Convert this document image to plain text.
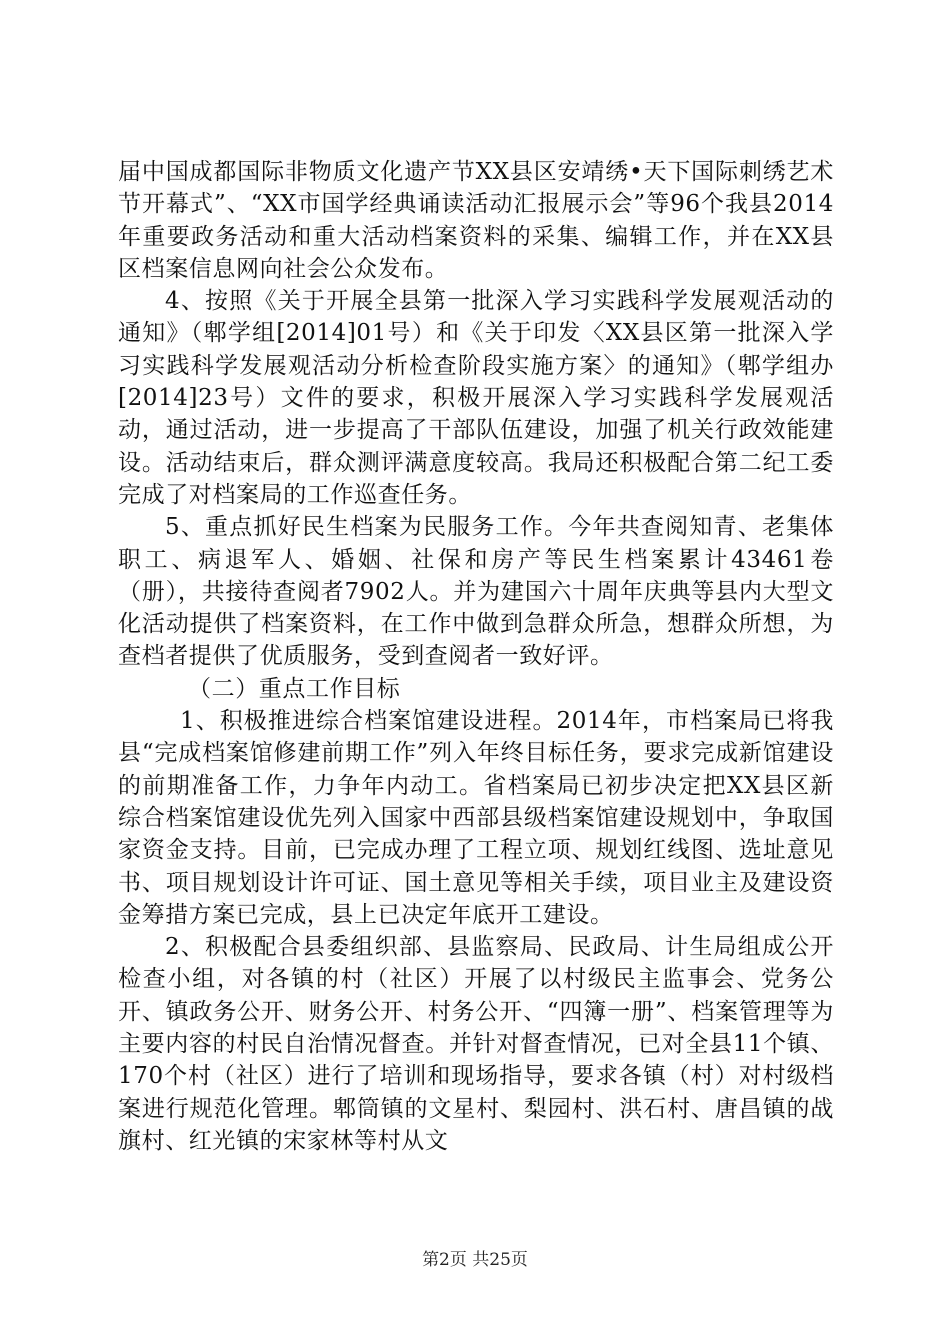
届中国成都国际非物质文化遗产节XX县区安靖绣•天下国际刺绣艺术节开幕式”、“XX市国学经典诵读活动汇报展示会”等96个我县2014年重要政务活动和重大活动档案资料的采集、编辑工作，并在XX县区档案信息网向社会公众发布。

4、按照《关于开展全县第一批深入学习实践科学发展观活动的通知》（郫学组[2014]01号）和《关于印发〈XX县区第一批深入学习实践科学发展观活动分析检查阶段实施方案〉的通知》（郫学组办[2014]23号）文件的要求，积极开展深入学习实践科学发展观活动，通过活动，进一步提高了干部队伍建设，加强了机关行政效能建设。活动结束后，群众测评满意度较高。我局还积极配合第二纪工委完成了对档案局的工作巡查任务。

5、重点抓好民生档案为民服务工作。今年共查阅知青、老集体职工、病退军人、婚姻、社保和房产等民生档案累计43461卷（册），共接待查阅者7902人。并为建国六十周年庆典等县内大型文化活动提供了档案资料，在工作中做到急群众所急，想群众所想，为查档者提供了优质服务，受到查阅者一致好评。

（二）重点工作目标

1、积极推进综合档案馆建设进程。2014年，市档案局已将我县“完成档案馆修建前期工作”列入年终目标任务，要求完成新馆建设的前期准备工作，力争年内动工。省档案局已初步决定把XX县区新综合档案馆建设优先列入国家中西部县级档案馆建设规划中，争取国家资金支持。目前，已完成办理了工程立项、规划红线图、选址意见书、项目规划设计许可证、国土意见等相关手续，项目业主及建设资金筹措方案已完成，县上已决定年底开工建设。

2、积极配合县委组织部、县监察局、民政局、计生局组成公开检查小组，对各镇的村（社区）开展了以村级民主监事会、党务公开、镇政务公开、财务公开、村务公开、“四簿一册”、档案管理等为主要内容的村民自治情况督查。并针对督查情况，已对全县11个镇、170个村（社区）进行了培训和现场指导，要求各镇（村）对村级档案进行规范化管理。郫筒镇的文星村、梨园村、洪石村、唐昌镇的战旗村、红光镇的宋家林等村从文

第2页 共25页
